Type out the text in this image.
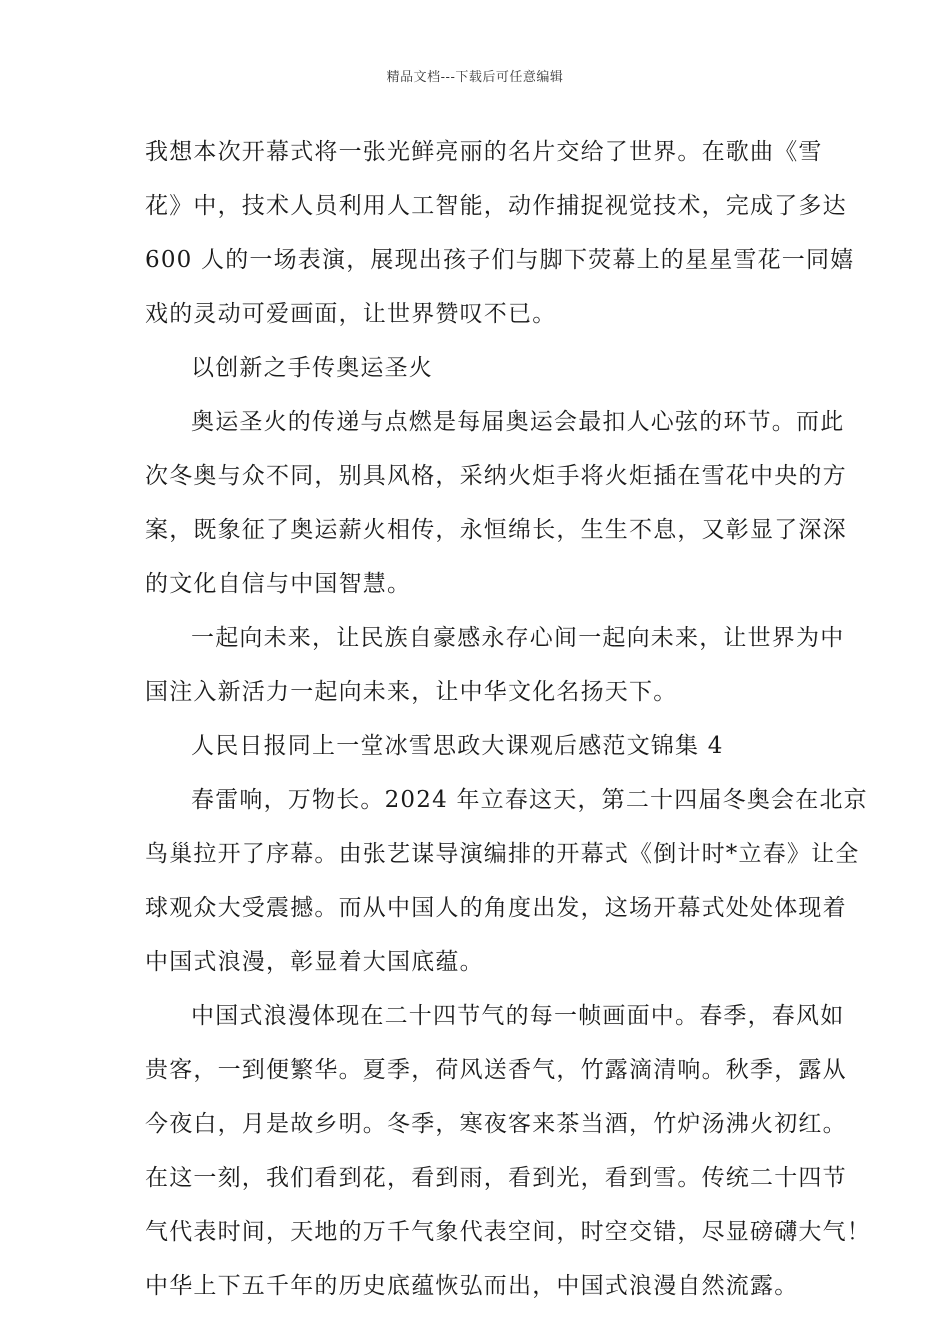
精品文档---下载后可任意编辑

我想本次开幕式将一张光鲜亮丽的名片交给了世界。在歌曲《雪
花》中，技术人员利用人工智能，动作捕捉视觉技术，完成了多达
600 人的一场表演，展现出孩子们与脚下荧幕上的星星雪花一同嬉
戏的灵动可爱画面，让世界赞叹不已。

以创新之手传奥运圣火

奥运圣火的传递与点燃是每届奥运会最扣人心弦的环节。而此
次冬奥与众不同，别具风格，采纳火炬手将火炬插在雪花中央的方
案，既象征了奥运薪火相传，永恒绵长，生生不息，又彰显了深深
的文化自信与中国智慧。

一起向未来，让民族自豪感永存心间一起向未来，让世界为中
国注入新活力一起向未来，让中华文化名扬天下。

人民日报同上一堂冰雪思政大课观后感范文锦集 4

春雷响，万物长。2024 年立春这天，第二十四届冬奥会在北京
鸟巢拉开了序幕。由张艺谋导演编排的开幕式《倒计时*立春》让全
球观众大受震撼。而从中国人的角度出发，这场开幕式处处体现着
中国式浪漫，彰显着大国底蕴。

中国式浪漫体现在二十四节气的每一帧画面中。春季，春风如
贵客，一到便繁华。夏季，荷风送香气，竹露滴清响。秋季，露从
今夜白，月是故乡明。冬季，寒夜客来茶当酒，竹炉汤沸火初红。
在这一刻，我们看到花，看到雨，看到光，看到雪。传统二十四节
气代表时间，天地的万千气象代表空间，时空交错，尽显磅礴大气！
中华上下五千年的历史底蕴恢弘而出，中国式浪漫自然流露。
